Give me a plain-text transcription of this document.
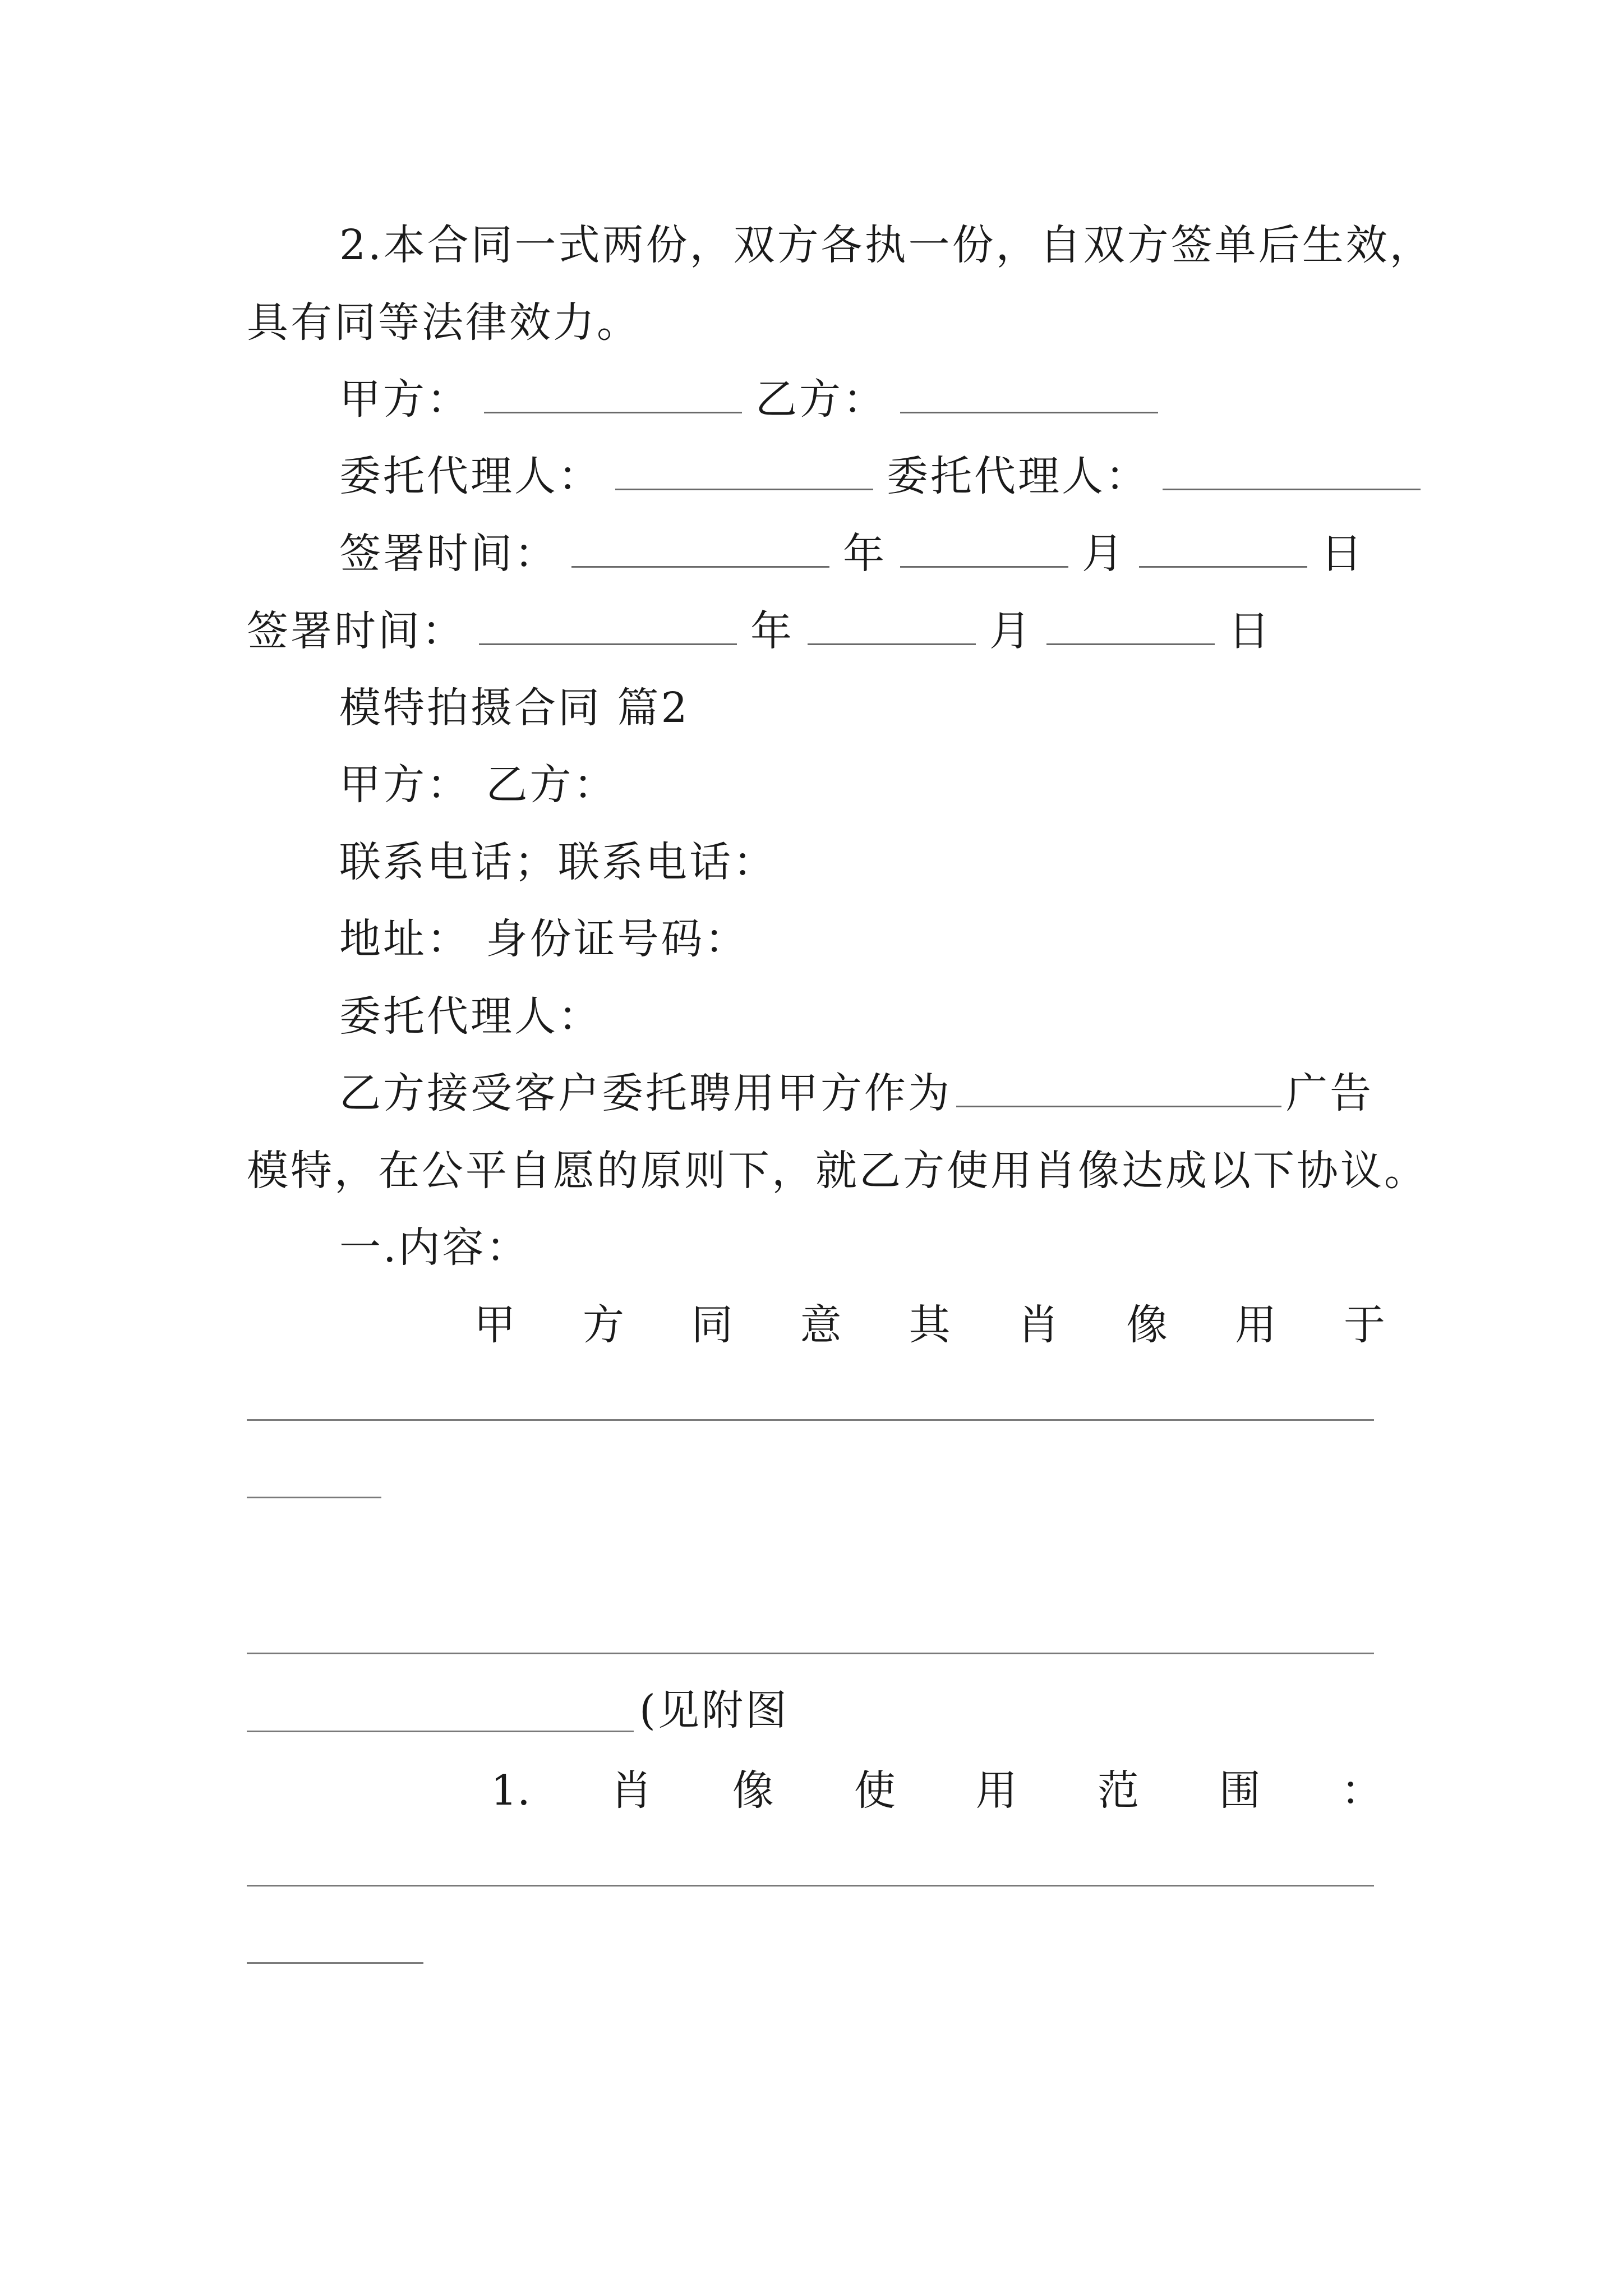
2.本合同一式两份，双方各执一份，自双方签单后生效，
具有同等法律效力。
甲方：	乙方：
委托代理人：	委托代理人：
签署时间：	年	月	日
签署时间：	年	月	日
模特拍摄合同 篇2
甲方： 乙方：
联系电话；联系电话：
地址： 身份证号码：
委托代理人：
乙方接受客户委托聘用甲方作为	广告
模特，在公平自愿的原则下，就乙方使用肖像达成以下协议。
一.内容：
甲 方 同 意 其 肖 像 用 于
(见附图
1. 肖 像 使 用 范 围 ：
